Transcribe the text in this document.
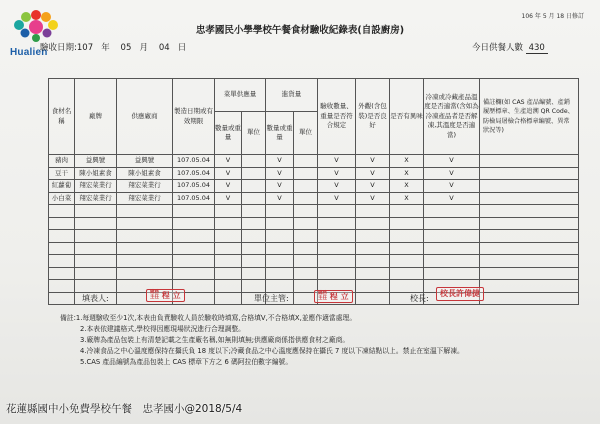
Hualien
106 年 5 月 18 日修訂
忠孝國民小學學校午餐食材驗收紀錄表(自設廚房)
驗收日期:107 年 05 月 04 日	今日供餐人數 430
食材名稱	廠牌	供應廠商	製造日期或有效期限	菜單供應量		進貨量		驗收數量、重量是否符合規定	外觀(含包裝)是否良好	是否有異味	冷凍或冷藏產品溫度是否適當(含如為冷凍產品者是否解凍,其溫度是否適當)	備註欄(如 CAS 產品編號、產銷履歷標章、生產追溯 QR Code、防檢局屠檢合格標章編號、異常狀況等)
				數量或重量	單位	數量或重量	單位					
豬肉	益興號	益興號	107.05.04	V		V		V	V	X	V	
豆干	陳小姐素食	陳小姐素食	107.05.04	V		V		V	V	X	V	
紅蘿蔔	翔宏菜業行	翔宏菜業行	107.05.04	V		V		V	V	X	V	
小白菜	翔宏菜業行	翔宏菜業行	107.05.04	V		V		V	V	X	V	

填表人:
總務主任 程 立	單位主管:
總務主任 程 立	校長:
校長許偉捷
備註:1.每週驗收至少1次,本表由負責驗收人員於驗收時填寫,合格填V,不合格填X,並應作適當處理。
2.本表依建議格式,學校得因應現場狀況進行合理調整。
3.廠牌為產品包裝上有清楚記載之生產廠名稱,如無則填無;供應廠商係指供應食材之廠商。
4.冷凍食品之中心溫度應保持在攝氏負 18 度以下;冷藏食品之中心溫度應保持在攝氏 7 度以下凍結點以上。禁止在室溫下解凍。
5.CAS 產品編號為產品包裝上 CAS 標章下方之 6 碼阿拉伯數字編號。
花蓮縣國中小免費學校午餐　忠孝國小@2018/5/4
